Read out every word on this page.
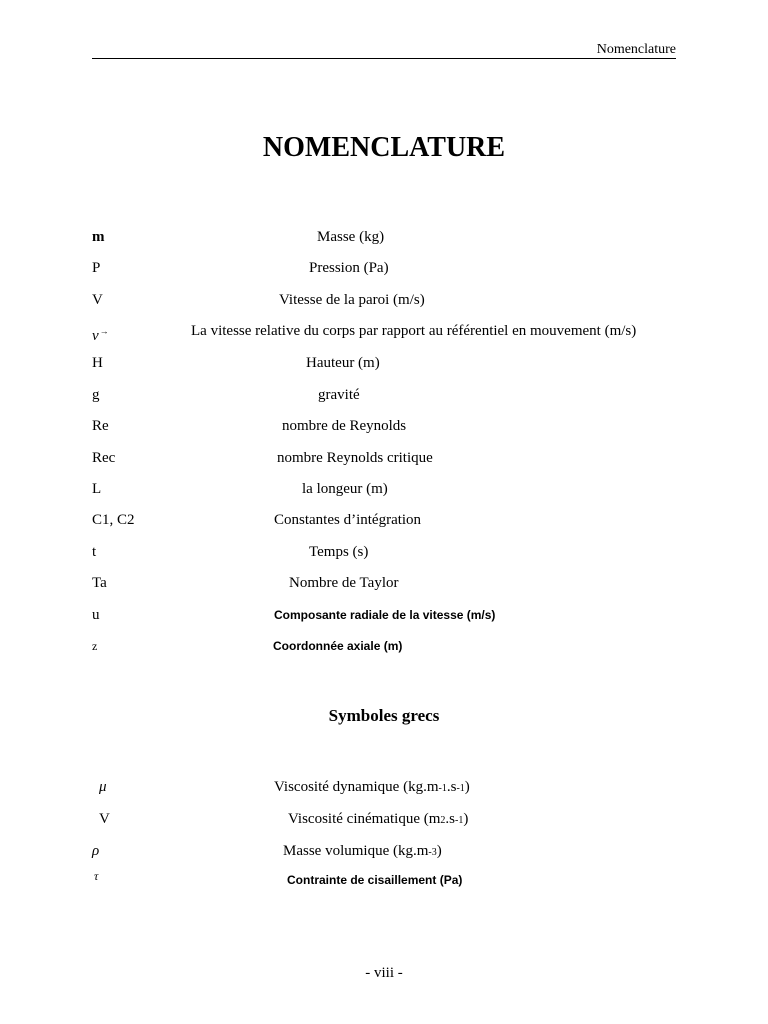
Nomenclature
NOMENCLATURE
m	Masse (kg)
P	Pression (Pa)
V	Vitesse de la paroi (m/s)
v→	La vitesse relative du corps par rapport au référentiel en mouvement (m/s)
H	Hauteur (m)
g	gravité
Re	nombre de Reynolds
Rec	nombre Reynolds critique
L	la longeur (m)
C1, C2	Constantes d’intégration
t	Temps (s)
Ta	Nombre de Taylor
u	Composante radiale de la vitesse (m/s)
z	Coordonnée axiale (m)
Symboles grecs
μ	Viscosité dynamique (kg.m-1.s-1)
V	Viscosité cinématique (m2.s-1)
ρ	Masse volumique (kg.m-3)
τ	Contrainte de cisaillement (Pa)
- viii -
